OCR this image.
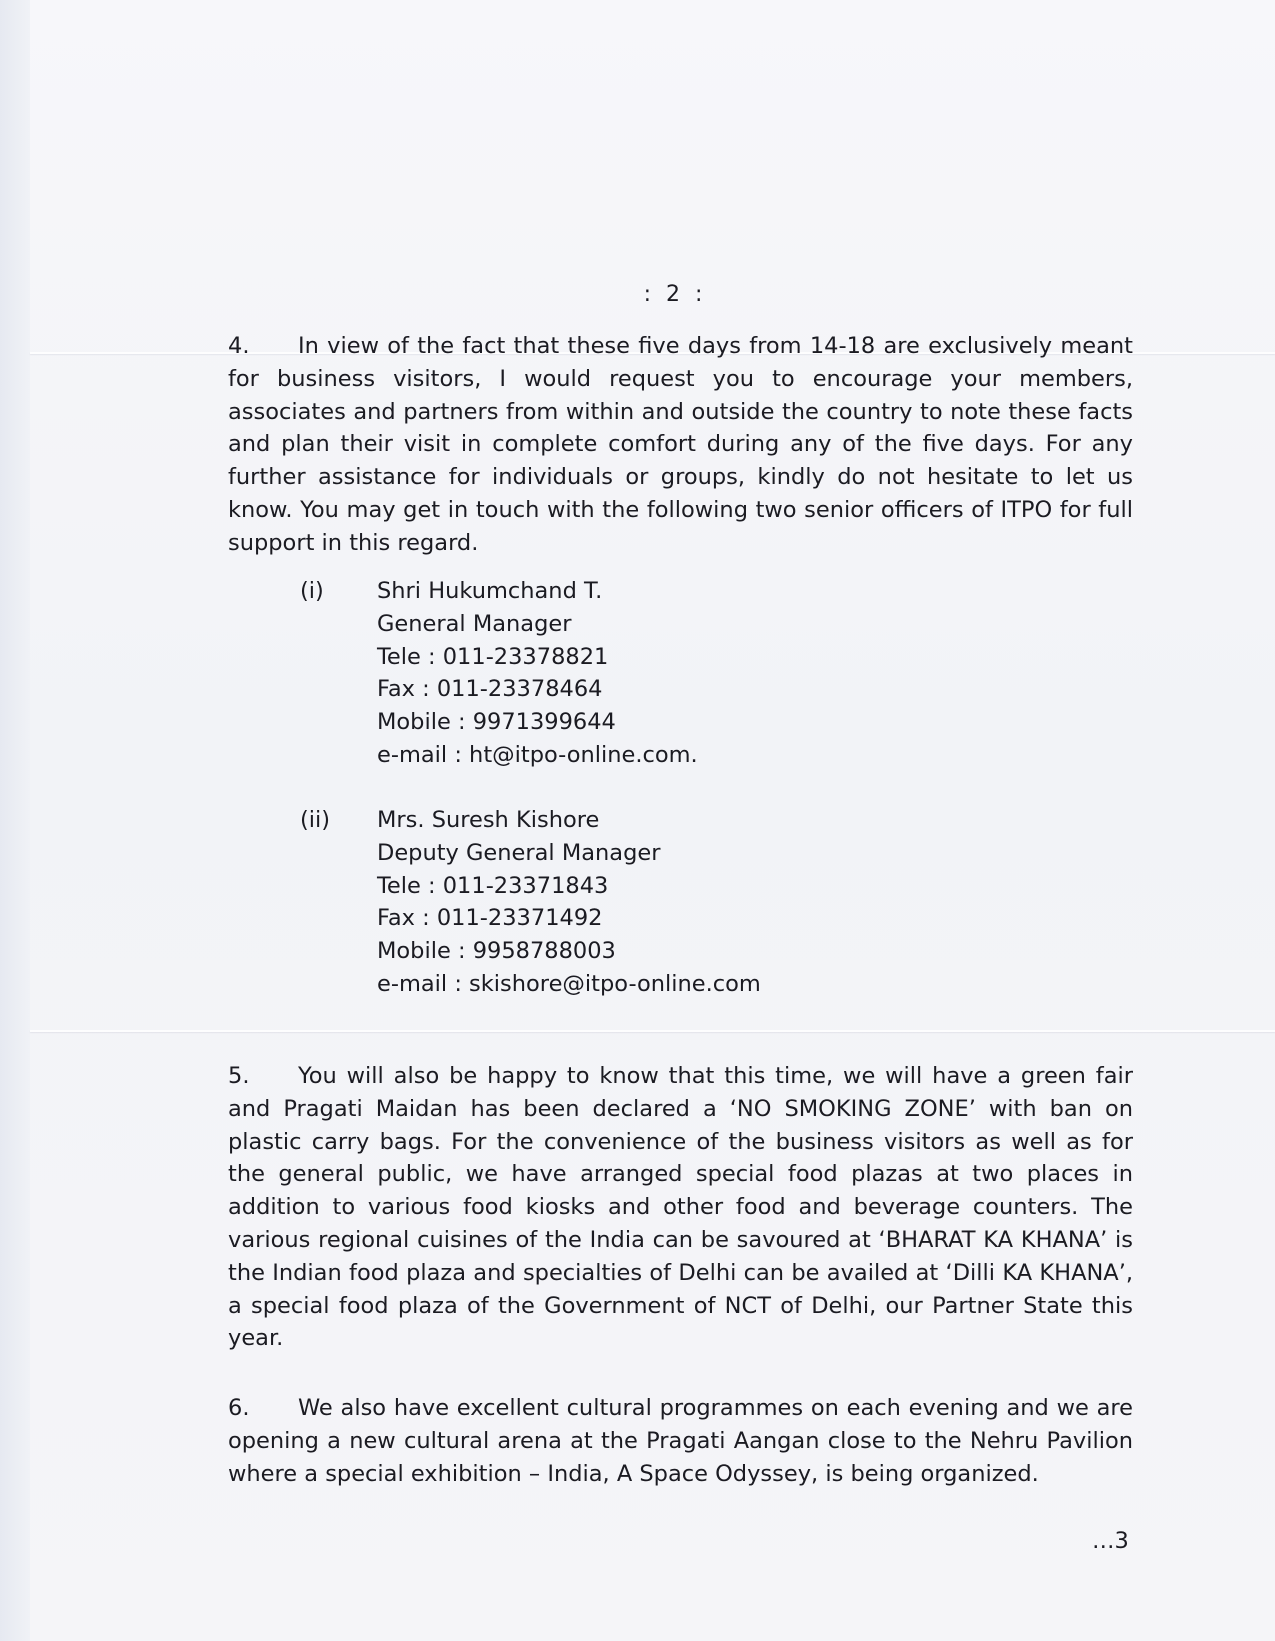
: 2 :
4. In view of the fact that these five days from 14-18 are exclusively meant for business visitors, I would request you to encourage your members, associates and partners from within and outside the country to note these facts and plan their visit in complete comfort during any of the five days. For any further assistance for individuals or groups, kindly do not hesitate to let us know. You may get in touch with the following two senior officers of ITPO for full support in this regard.
(i) Shri Hukumchand T.
General Manager
Tele : 011-23378821
Fax : 011-23378464
Mobile : 9971399644
e-mail : ht@itpo-online.com.
(ii) Mrs. Suresh Kishore
Deputy General Manager
Tele : 011-23371843
Fax : 011-23371492
Mobile : 9958788003
e-mail : skishore@itpo-online.com
5. You will also be happy to know that this time, we will have a green fair and Pragati Maidan has been declared a ‘NO SMOKING ZONE’ with ban on plastic carry bags. For the convenience of the business visitors as well as for the general public, we have arranged special food plazas at two places in addition to various food kiosks and other food and beverage counters. The various regional cuisines of the India can be savoured at ‘BHARAT KA KHANA’ is the Indian food plaza and specialties of Delhi can be availed at ‘Dilli KA KHANA’, a special food plaza of the Government of NCT of Delhi, our Partner State this year.
6. We also have excellent cultural programmes on each evening and we are opening a new cultural arena at the Pragati Aangan close to the Nehru Pavilion where a special exhibition – India, A Space Odyssey, is being organized.
…3
